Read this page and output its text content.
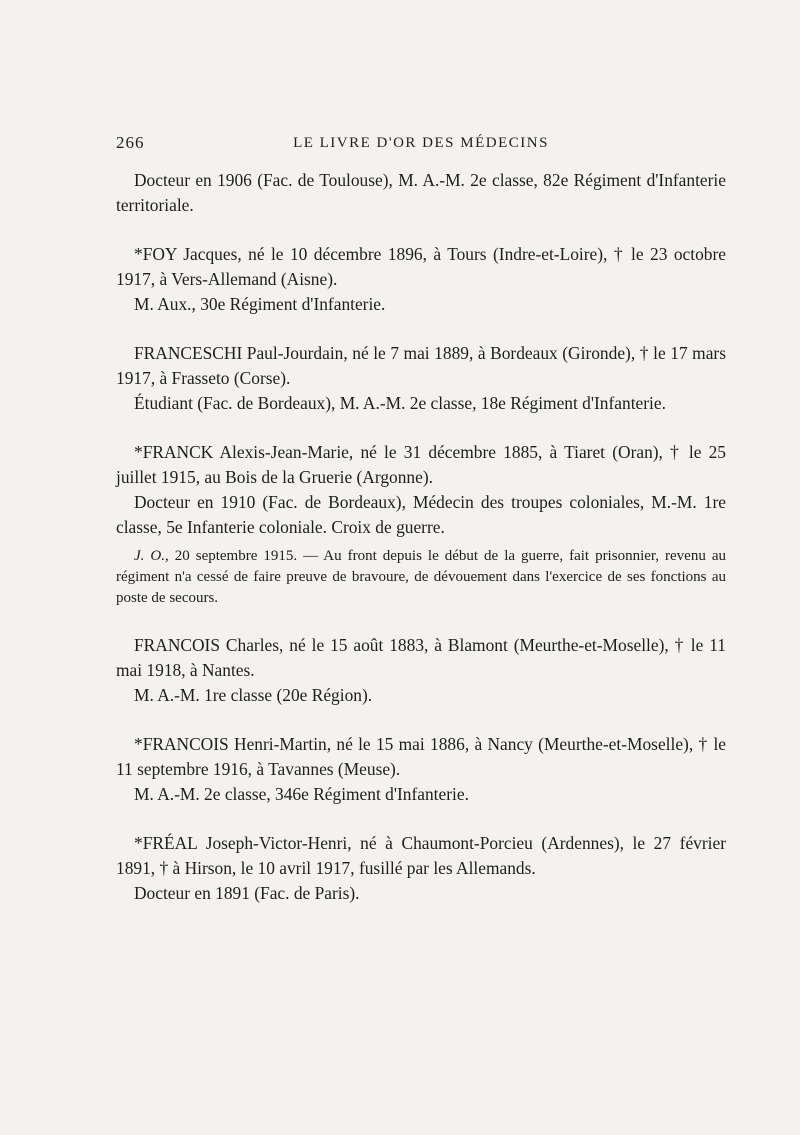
266	LE LIVRE D'OR DES MÉDECINS

Docteur en 1906 (Fac. de Toulouse), M. A.-M. 2e classe, 82e Régiment d'Infanterie territoriale.

*FOY Jacques, né le 10 décembre 1896, à Tours (Indre-et-Loire), † le 23 octobre 1917, à Vers-Allemand (Aisne).

M. Aux., 30e Régiment d'Infanterie.

FRANCESCHI Paul-Jourdain, né le 7 mai 1889, à Bordeaux (Gironde), † le 17 mars 1917, à Frasseto (Corse).

Étudiant (Fac. de Bordeaux), M. A.-M. 2e classe, 18e Régiment d'Infanterie.

*FRANCK Alexis-Jean-Marie, né le 31 décembre 1885, à Tiaret (Oran), † le 25 juillet 1915, au Bois de la Gruerie (Argonne).

Docteur en 1910 (Fac. de Bordeaux), Médecin des troupes coloniales, M.-M. 1re classe, 5e Infanterie coloniale. Croix de guerre.

J. O., 20 septembre 1915. — Au front depuis le début de la guerre, fait prisonnier, revenu au régiment n'a cessé de faire preuve de bravoure, de dévouement dans l'exercice de ses fonctions au poste de secours.

FRANCOIS Charles, né le 15 août 1883, à Blamont (Meurthe-et-Moselle), † le 11 mai 1918, à Nantes.

M. A.-M. 1re classe (20e Région).

*FRANCOIS Henri-Martin, né le 15 mai 1886, à Nancy (Meurthe-et-Moselle), † le 11 septembre 1916, à Tavannes (Meuse).

M. A.-M. 2e classe, 346e Régiment d'Infanterie.

*FRÉAL Joseph-Victor-Henri, né à Chaumont-Porcieu (Ardennes), le 27 février 1891, † à Hirson, le 10 avril 1917, fusillé par les Allemands.

Docteur en 1891 (Fac. de Paris).
